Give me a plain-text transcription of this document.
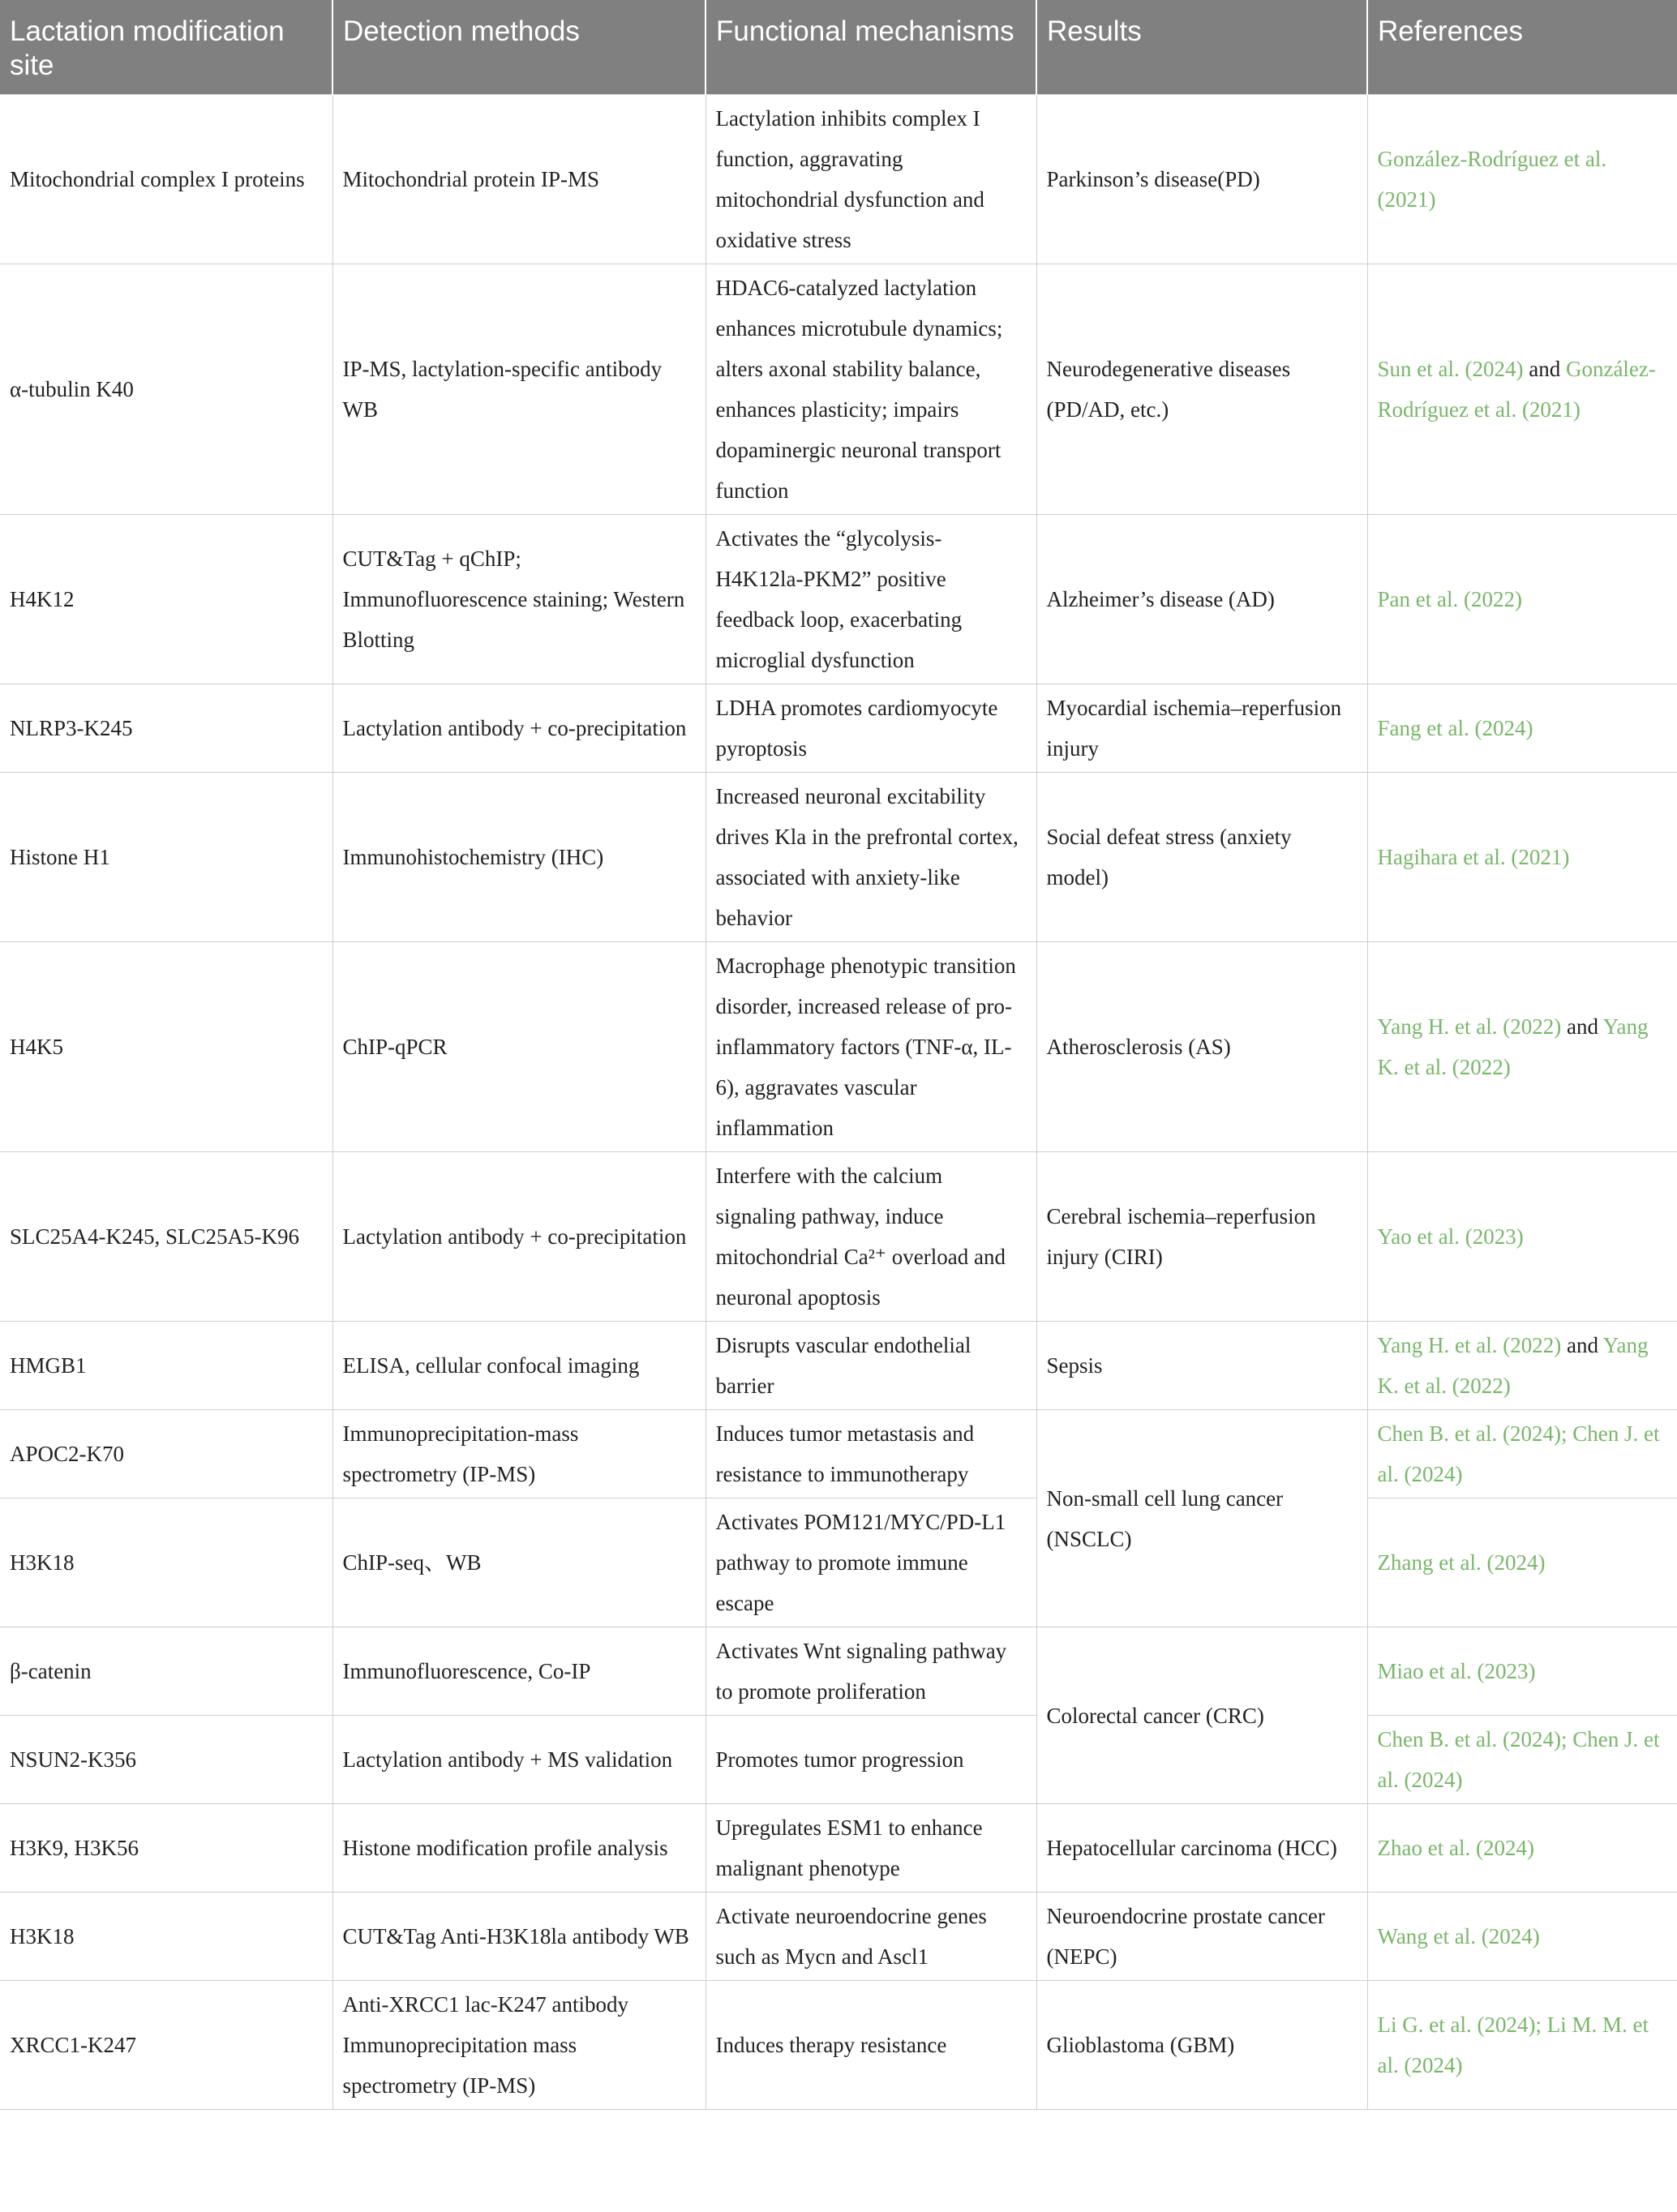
Lactation modification site	Detection methods	Functional mechanisms	Results	References
Mitochondrial complex I proteins	Mitochondrial protein IP-MS	Lactylation inhibits complex I function, aggravating mitochondrial dysfunction and oxidative stress	Parkinson’s disease(PD)	González-Rodríguez et al. (2021)
α-tubulin K40	IP-MS, lactylation-specific antibody WB	HDAC6-catalyzed lactylation enhances microtubule dynamics; alters axonal stability balance, enhances plasticity; impairs dopaminergic neuronal transport function	Neurodegenerative diseases (PD/AD, etc.)	Sun et al. (2024) and González-Rodríguez et al. (2021)
H4K12	CUT&Tag + qChIP; Immunofluorescence staining; Western Blotting	Activates the “glycolysis-H4K12la-PKM2” positive feedback loop, exacerbating microglial dysfunction	Alzheimer’s disease (AD)	Pan et al. (2022)
NLRP3-K245	Lactylation antibody + co-precipitation	LDHA promotes cardiomyocyte pyroptosis	Myocardial ischemia–reperfusion injury	Fang et al. (2024)
Histone H1	Immunohistochemistry (IHC)	Increased neuronal excitability drives Kla in the prefrontal cortex, associated with anxiety-like behavior	Social defeat stress (anxiety model)	Hagihara et al. (2021)
H4K5	ChIP-qPCR	Macrophage phenotypic transition disorder, increased release of pro-inflammatory factors (TNF-α, IL-6), aggravates vascular inflammation	Atherosclerosis (AS)	Yang H. et al. (2022) and Yang K. et al. (2022)
SLC25A4-K245, SLC25A5-K96	Lactylation antibody + co-precipitation	Interfere with the calcium signaling pathway, induce mitochondrial Ca²⁺ overload and neuronal apoptosis	Cerebral ischemia–reperfusion injury (CIRI)	Yao et al. (2023)
HMGB1	ELISA, cellular confocal imaging	Disrupts vascular endothelial barrier	Sepsis	Yang H. et al. (2022) and Yang K. et al. (2022)
APOC2-K70	Immunoprecipitation-mass spectrometry (IP-MS)	Induces tumor metastasis and resistance to immunotherapy	Non-small cell lung cancer (NSCLC)	Chen B. et al. (2024); Chen J. et al. (2024)
H3K18	ChIP-seq、WB	Activates POM121/MYC/PD-L1 pathway to promote immune escape		Zhang et al. (2024)
β-catenin	Immunofluorescence, Co-IP	Activates Wnt signaling pathway to promote proliferation	Colorectal cancer (CRC)	Miao et al. (2023)
NSUN2-K356	Lactylation antibody + MS validation	Promotes tumor progression		Chen B. et al. (2024); Chen J. et al. (2024)
H3K9, H3K56	Histone modification profile analysis	Upregulates ESM1 to enhance malignant phenotype	Hepatocellular carcinoma (HCC)	Zhao et al. (2024)
H3K18	CUT&Tag Anti-H3K18la antibody WB	Activate neuroendocrine genes such as Mycn and Ascl1	Neuroendocrine prostate cancer (NEPC)	Wang et al. (2024)
XRCC1-K247	Anti-XRCC1 lac-K247 antibody Immunoprecipitation mass spectrometry (IP-MS)	Induces therapy resistance	Glioblastoma (GBM)	Li G. et al. (2024); Li M. M. et al. (2024)
